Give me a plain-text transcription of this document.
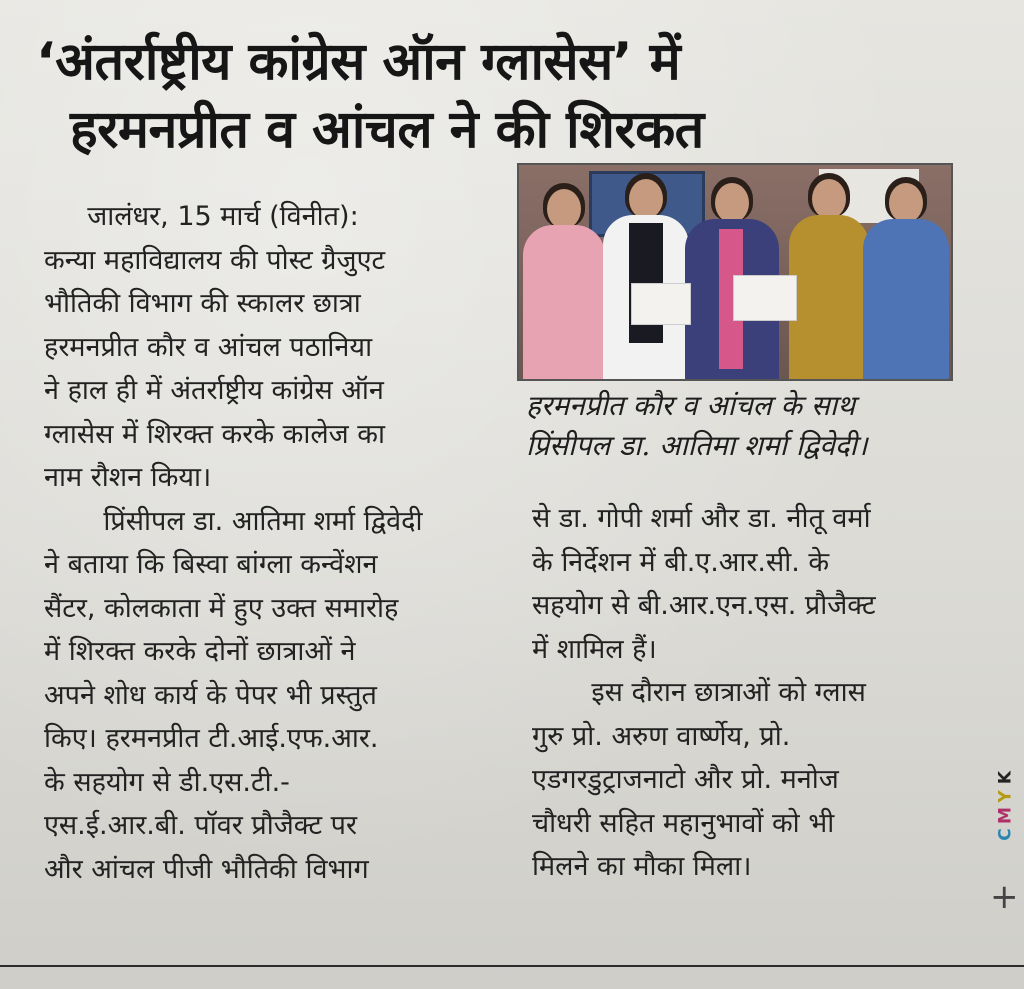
‘अंतर्राष्ट्रीय कांग्रेस ऑन ग्लासेस’ में
हरमनप्रीत व आंचल ने की शिरकत

जालंधर, 15 मार्च (विनीत):

कन्या महाविद्यालय की पोस्ट ग्रैजुएट

भौतिकी विभाग की स्कालर छात्रा

हरमनप्रीत कौर व आंचल पठानिया

ने हाल ही में अंतर्राष्ट्रीय कांग्रेस ऑन

ग्लासेस में शिरक्त करके कालेज का

नाम रौशन किया।

प्रिंसीपल डा. आतिमा शर्मा द्विवेदी

ने बताया कि बिस्वा बांग्ला कन्वेंशन

सैंटर, कोलकाता में हुए उक्त समारोह

में शिरक्त करके दोनों छात्राओं ने

अपने शोध कार्य के पेपर भी प्रस्तुत

किए। हरमनप्रीत टी.आई.एफ.आर.

के सहयोग से डी.एस.टी.-

एस.ई.आर.बी. पॉवर प्रौजैक्ट पर

और आंचल पीजी भौतिकी विभाग

हरमनप्रीत कौर व आंचल के साथ
प्रिंसीपल डा. आतिमा शर्मा द्विवेदी।

से डा. गोपी शर्मा और डा. नीतू वर्मा

के निर्देशन में बी.ए.आर.सी. के

सहयोग से बी.आर.एन.एस. प्रौजैक्ट

में शामिल हैं।

इस दौरान छात्राओं को ग्लास

गुरु प्रो. अरुण वार्ष्णेय, प्रो.

एडगरडुट्राजनाटो और प्रो. मनोज

चौधरी सहित महानुभावों को भी

मिलने का मौका मिला।

K
Y
M
C
+
